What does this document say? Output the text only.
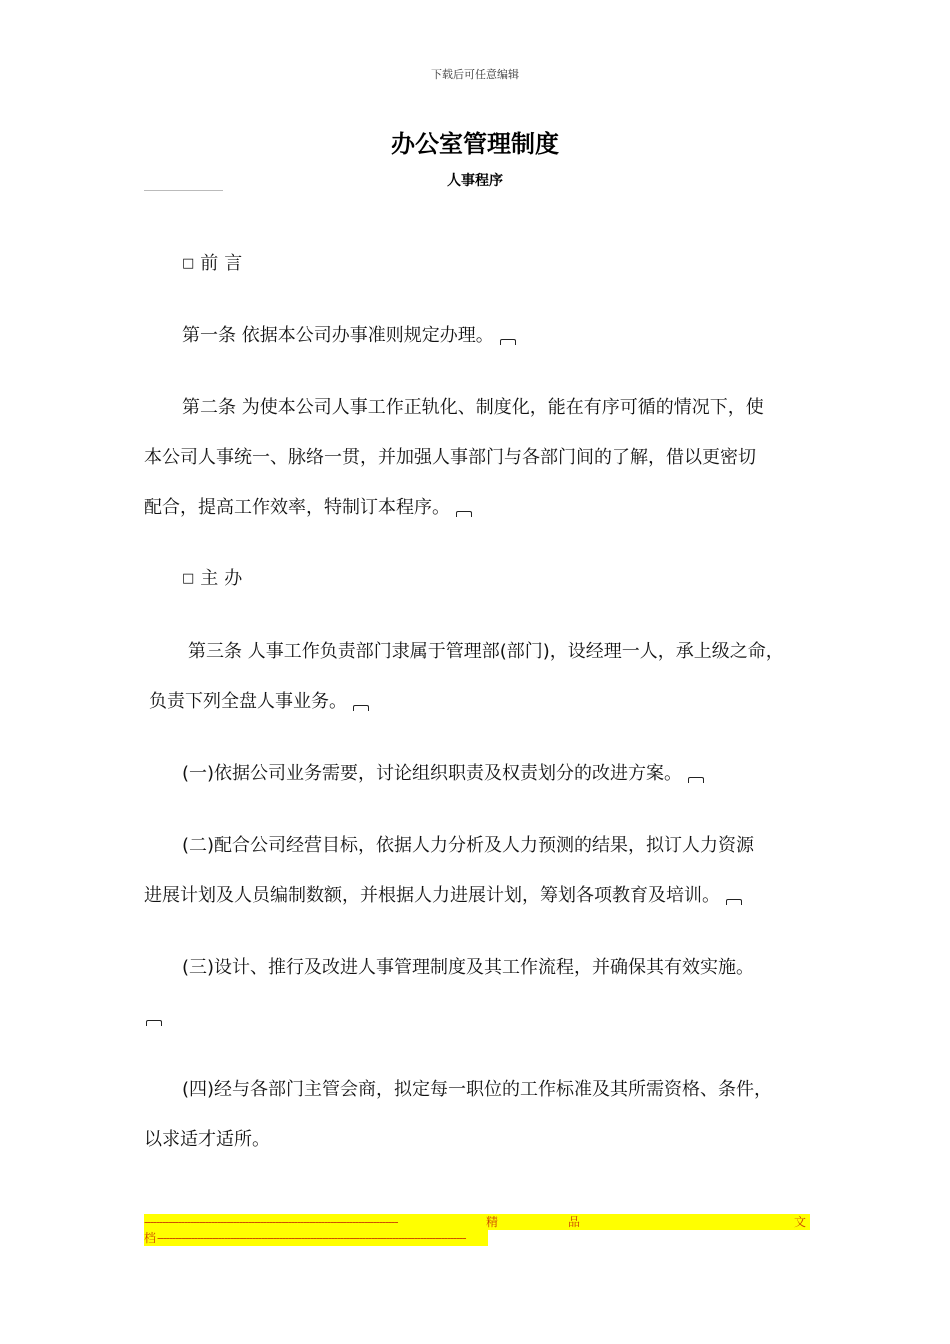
下载后可任意编辑
办公室管理制度
人事程序
□ 前言
第一条 依据本公司办事准则规定办理。
第二条 为使本公司人事工作正轨化、制度化，能在有序可循的情况下，使
本公司人事统一、脉络一贯，并加强人事部门与各部门间的了解，借以更密切
配合，提高工作效率，特制订本程序。
□ 主办
第三条 人事工作负责部门隶属于管理部(部门)，设经理一人，承上级之命，
负责下列全盘人事业务。
(一)依据公司业务需要，讨论组织职责及权责划分的改进方案。
(二)配合公司经营目标，依据人力分析及人力预测的结果，拟订人力资源
进展计划及人员编制数额，并根据人力进展计划，筹划各项教育及培训。
(三)设计、推行及改进人事管理制度及其工作流程，并确保其有效实施。
(四)经与各部门主管会商，拟定每一职位的工作标准及其所需资格、条件，
以求适才适所。
-----------------------------------------------------------------------------------	精	品	文
档 -----------------------------------------------------------------------------------------------------
